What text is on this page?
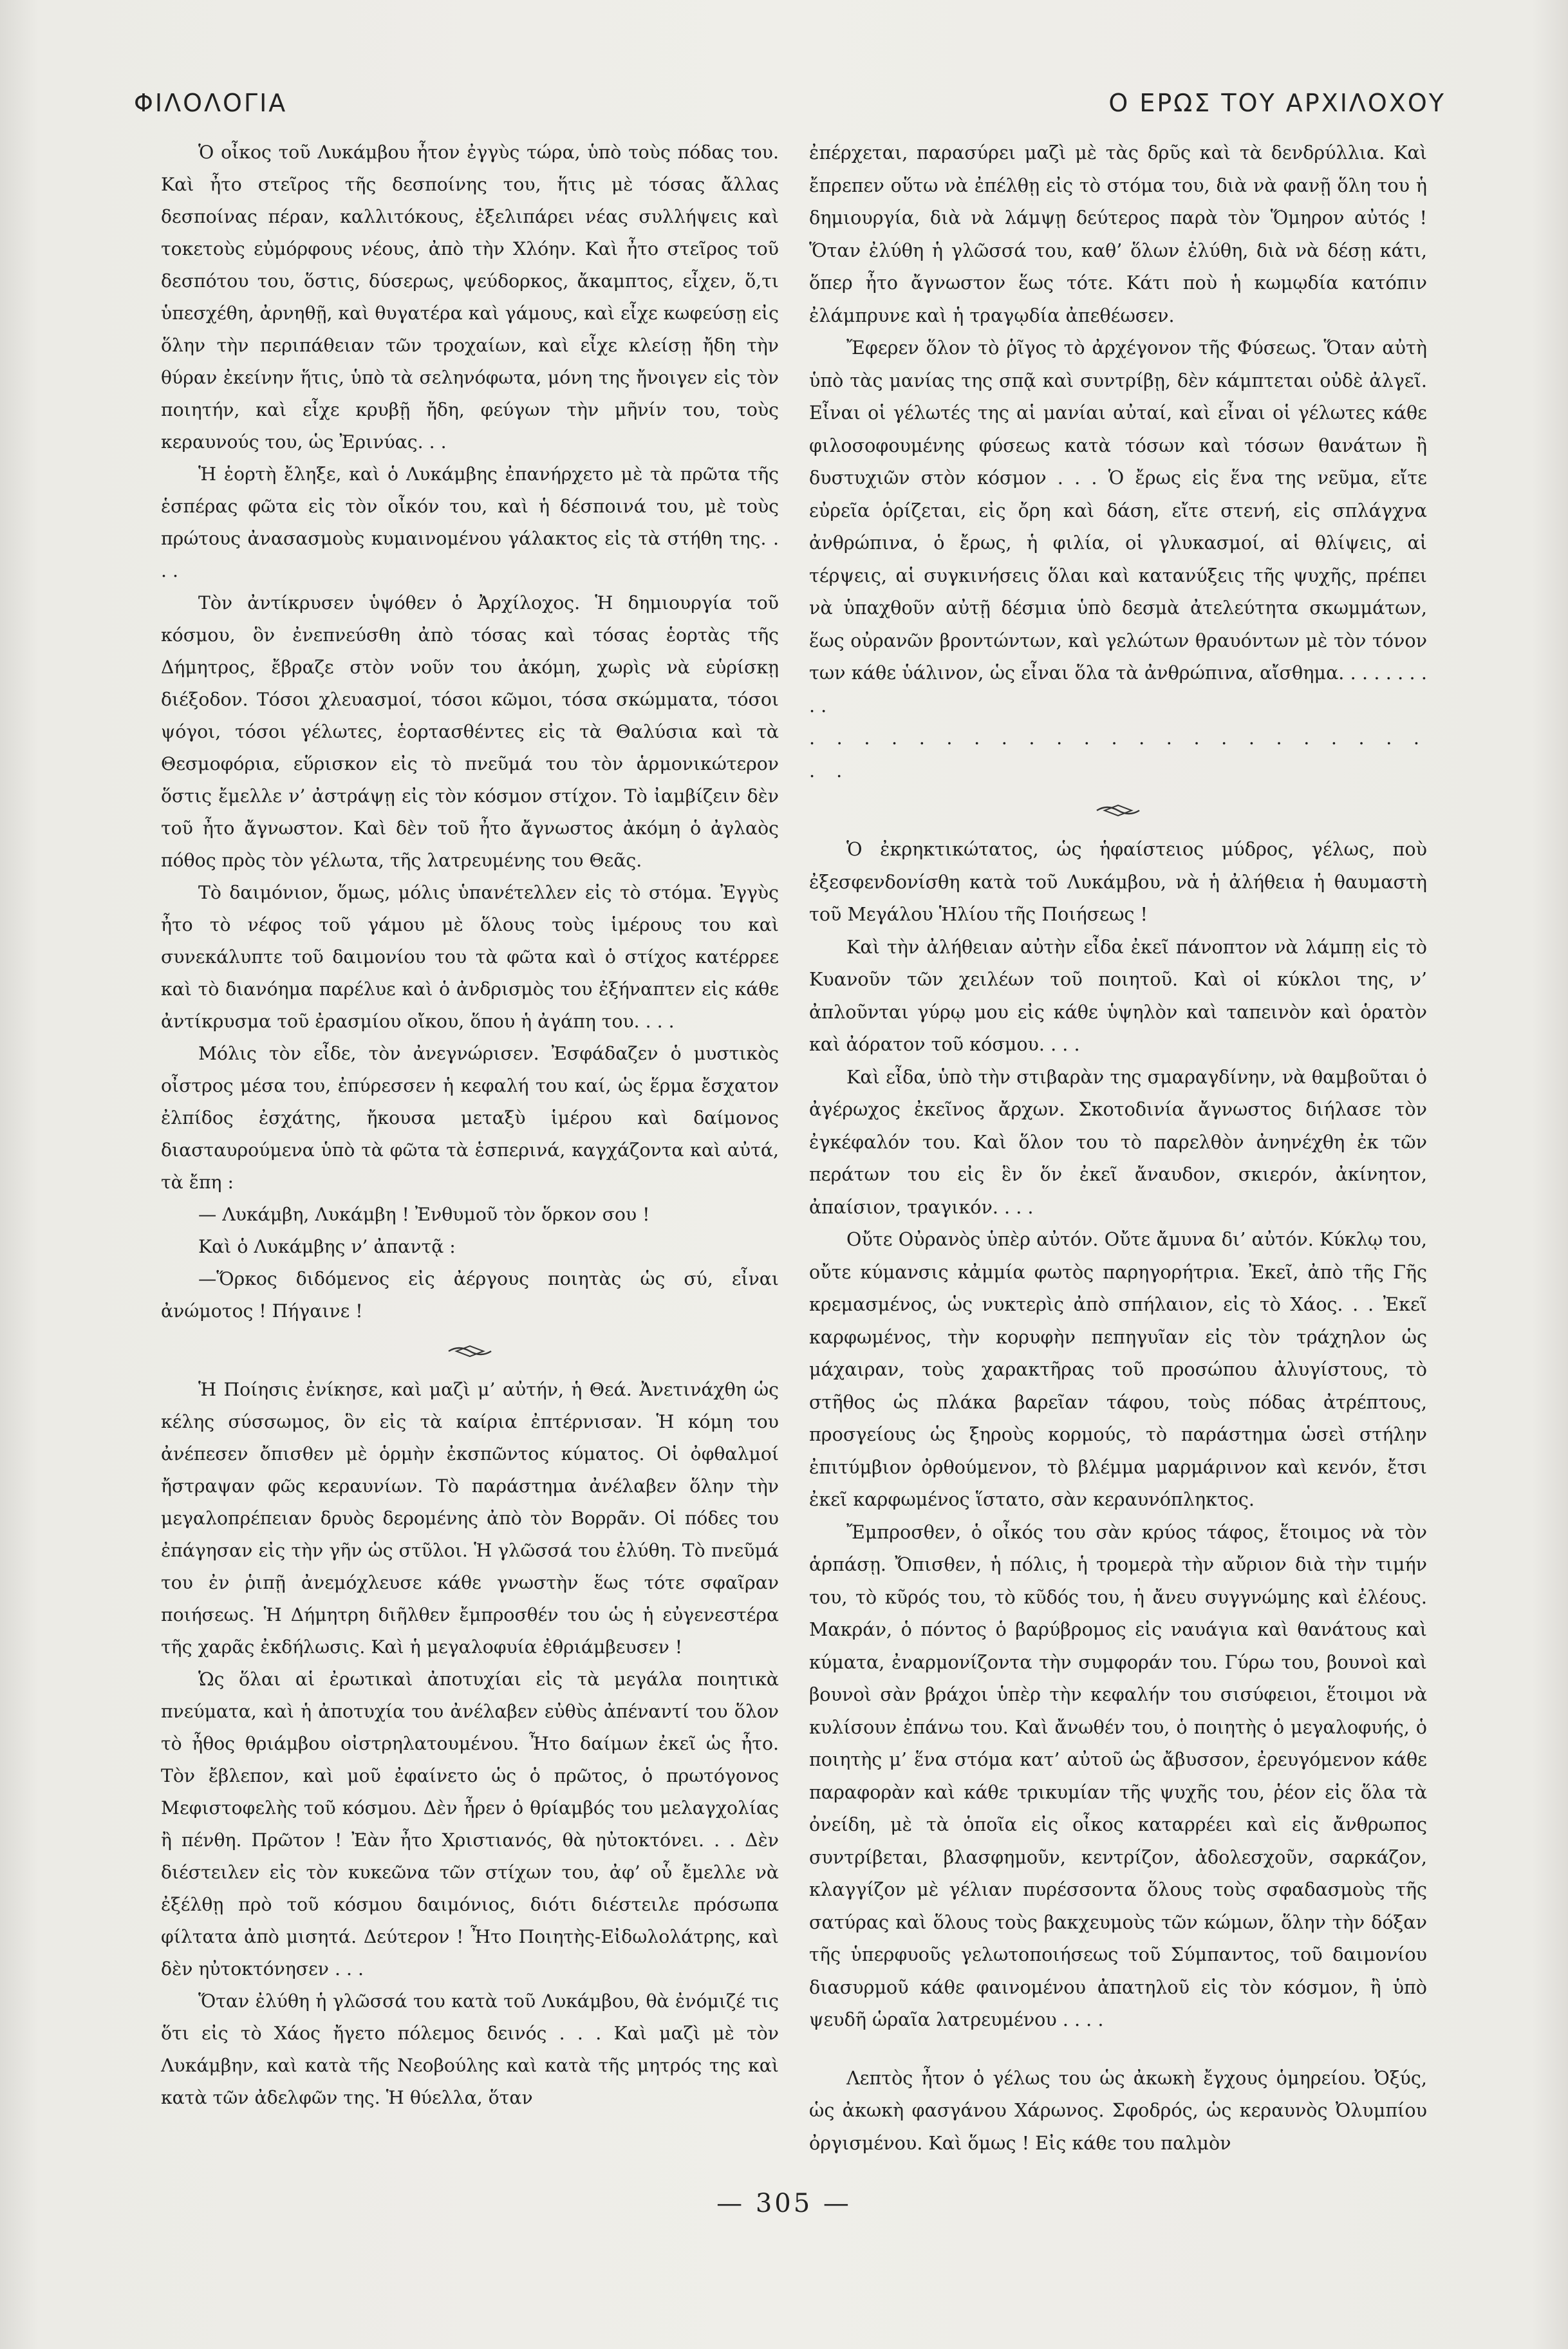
ΦΙΛΟΛΟΓΙΑ	Ο ΕΡΩΣ ΤΟΥ ΑΡΧΙΛΟΧΟΥ

Ὁ οἶκος τοῦ Λυκάμβου ἦτον ἐγγὺς τώρα, ὑπὸ τοὺς πόδας του. Καὶ ἦτο στεῖρος τῆς δεσποίνης του, ἥτις μὲ τόσας ἄλλας δεσποίνας πέραν, καλλιτόκους, ἐξελιπάρει νέας συλλήψεις καὶ τοκετοὺς εὐμόρφους νέους, ἀπὸ τὴν Χλόην. Καὶ ἦτο στεῖρος τοῦ δεσπότου του, ὅστις, δύσερως, ψεύδορκος, ἄκαμπτος, εἶχεν, ὅ,τι ὑπεσχέθη, ἀρνηθῇ, καὶ θυγατέρα καὶ γάμους, καὶ εἶχε κωφεύσῃ εἰς ὅλην τὴν περιπάθειαν τῶν τροχαίων, καὶ εἶχε κλείσῃ ἤδη τὴν θύραν ἐκείνην ἥτις, ὑπὸ τὰ σεληνόφωτα, μόνη της ἤνοιγεν εἰς τὸν ποιητήν, καὶ εἶχε κρυβῇ ἤδη, φεύγων τὴν μῆνίν του, τοὺς κεραυνούς του, ὡς Ἐρινύας. . .

Ἡ ἑορτὴ ἔληξε, καὶ ὁ Λυκάμβης ἐπανήρχετο μὲ τὰ πρῶτα τῆς ἑσπέρας φῶτα εἰς τὸν οἶκόν του, καὶ ἡ δέσποινά του, μὲ τοὺς πρώτους ἀνασασμοὺς κυμαινομένου γάλακτος εἰς τὰ στήθη της. . . .

Τὸν ἀντίκρυσεν ὑψόθεν ὁ Ἀρχίλοχος. Ἡ δημιουργία τοῦ κόσμου, ὃν ἐνεπνεύσθη ἀπὸ τόσας καὶ τόσας ἑορτὰς τῆς Δήμητρος, ἔβραζε στὸν νοῦν του ἀκόμη, χωρὶς νὰ εὑρίσκῃ διέξοδον. Τόσοι χλευασμοί, τόσοι κῶμοι, τόσα σκώμματα, τόσοι ψόγοι, τόσοι γέλωτες, ἑορτασθέντες εἰς τὰ Θαλύσια καὶ τὰ Θεσμοφόρια, εὕρισκον εἰς τὸ πνεῦμά του τὸν ἁρμονικώτερον ὅστις ἔμελλε ν’ ἀστράψῃ εἰς τὸν κόσμον στίχον. Τὸ ἰαμβίζειν δὲν τοῦ ἦτο ἄγνωστον. Καὶ δὲν τοῦ ἦτο ἄγνωστος ἀκόμη ὁ ἀγλαὸς πόθος πρὸς τὸν γέλωτα, τῆς λατρευμένης του Θεᾶς.

Τὸ δαιμόνιον, ὅμως, μόλις ὑπανέτελλεν εἰς τὸ στόμα. Ἐγγὺς ἦτο τὸ νέφος τοῦ γάμου μὲ ὅλους τοὺς ἱμέρους του καὶ συνεκάλυπτε τοῦ δαιμονίου του τὰ φῶτα καὶ ὁ στίχος κατέρρεε καὶ τὸ διανόημα παρέλυε καὶ ὁ ἀνδρισμὸς του ἐξήναπτεν εἰς κάθε ἀντίκρυσμα τοῦ ἐρασμίου οἴκου, ὅπου ἡ ἀγάπη του. . . .

Μόλις τὸν εἶδε, τὸν ἀνεγνώρισεν. Ἐσφάδαζεν ὁ μυστικὸς οἶστρος μέσα του, ἐπύρεσσεν ἡ κεφαλή του καί, ὡς ἕρμα ἔσχατον ἐλπίδος ἐσχάτης, ἤκουσα μεταξὺ ἱμέρου καὶ δαίμονος διασταυρούμενα ὑπὸ τὰ φῶτα τὰ ἑσπερινά, καγχάζοντα καὶ αὐτά, τὰ ἔπη :

— Λυκάμβη, Λυκάμβη ! Ἐνθυμοῦ τὸν ὅρκον σου !

Καὶ ὁ Λυκάμβης ν’ ἀπαντᾷ :

—Ὅρκος διδόμενος εἰς ἀέργους ποιητὰς ὡς σύ, εἶναι ἀνώμοτος ! Πήγαινε !

Ἡ Ποίησις ἐνίκησε, καὶ μαζὶ μ’ αὐτήν, ἡ Θεά. Ἀνετινάχθη ὡς κέλης σύσσωμος, ὃν εἰς τὰ καίρια ἐπτέρνισαν. Ἡ κόμη του ἀνέπεσεν ὄπισθεν μὲ ὁρμὴν ἐκσπῶντος κύματος. Οἱ ὀφθαλμοί ἤστραψαν φῶς κεραυνίων. Τὸ παράστημα ἀνέλαβεν ὅλην τὴν μεγαλοπρέπειαν δρυὸς δερομένης ἀπὸ τὸν Βορρᾶν. Οἱ πόδες του ἐπάγησαν εἰς τὴν γῆν ὡς στῦλοι. Ἡ γλῶσσά του ἐλύθη. Τὸ πνεῦμά του ἐν ῥιπῇ ἀνεμόχλευσε κάθε γνωστὴν ἕως τότε σφαῖραν ποιήσεως. Ἡ Δήμητρη διῆλθεν ἔμπροσθέν του ὡς ἡ εὐγενεστέρα τῆς χαρᾶς ἐκδήλωσις. Καὶ ἡ μεγαλοφυία ἐθριάμβευσεν !

Ὡς ὅλαι αἱ ἐρωτικαὶ ἀποτυχίαι εἰς τὰ μεγάλα ποιητικὰ πνεύματα, καὶ ἡ ἀποτυχία του ἀνέλαβεν εὐθὺς ἀπέναντί του ὅλον τὸ ἦθος θριάμβου οἰστρηλατουμένου. Ἦτο δαίμων ἐκεῖ ὡς ἦτο. Τὸν ἔβλεπον, καὶ μοῦ ἐφαίνετο ὡς ὁ πρῶτος, ὁ πρωτόγονος Μεφιστοφελὴς τοῦ κόσμου. Δὲν ἦρεν ὁ θρίαμβός του μελαγχολίας ἢ πένθη. Πρῶτον ! Ἐὰν ἦτο Χριστιανός, θὰ ηὐτοκτόνει. . . Δὲν διέστειλεν εἰς τὸν κυκεῶνα τῶν στίχων του, ἀφ’ οὗ ἔμελλε νὰ ἐξέλθῃ πρὸ τοῦ κόσμου δαιμόνιος, διότι διέστειλε πρόσωπα φίλτατα ἀπὸ μισητά. Δεύτερον ! Ἦτο Ποιητὴς-Εἰδωλολάτρης, καὶ δὲν ηὐτοκτόνησεν . . .

Ὅταν ἐλύθη ἡ γλῶσσά του κατὰ τοῦ Λυκάμβου, θὰ ἐνόμιζέ τις ὅτι εἰς τὸ Χάος ἤγετο πόλεμος δεινός . . . Καὶ μαζὶ μὲ τὸν Λυκάμβην, καὶ κατὰ τῆς Νεοβούλης καὶ κατὰ τῆς μητρός της καὶ κατὰ τῶν ἀδελφῶν της. Ἡ θύελλα, ὅταν

ἐπέρχεται, παρασύρει μαζὶ μὲ τὰς δρῦς καὶ τὰ δενδρύλλια. Καὶ ἔπρεπεν οὕτω νὰ ἐπέλθῃ εἰς τὸ στόμα του, διὰ νὰ φανῇ ὅλη του ἡ δημιουργία, διὰ νὰ λάμψῃ δεύτερος παρὰ τὸν Ὅμηρον αὐτός ! Ὅταν ἐλύθη ἡ γλῶσσά του, καθ’ ὅλων ἐλύθη, διὰ νὰ δέσῃ κάτι, ὅπερ ἦτο ἄγνωστον ἕως τότε. Κάτι ποὺ ἡ κωμῳδία κατόπιν ἐλάμπρυνε καὶ ἡ τραγῳδία ἀπεθέωσεν.

Ἔφερεν ὅλον τὸ ῥῖγος τὸ ἀρχέγονον τῆς Φύσεως. Ὅταν αὐτὴ ὑπὸ τὰς μανίας της σπᾷ καὶ συντρίβῃ, δὲν κάμπτεται οὐδὲ ἀλγεῖ. Εἶναι οἱ γέλωτές της αἱ μανίαι αὐταί, καὶ εἶναι οἱ γέλωτες κάθε φιλοσοφουμένης φύσεως κατὰ τόσων καὶ τόσων θανάτων ἢ δυστυχιῶν στὸν κόσμον . . . Ὁ ἔρως εἰς ἕνα της νεῦμα, εἴτε εὐρεῖα ὁρίζεται, εἰς ὄρη καὶ δάση, εἴτε στενή, εἰς σπλάγχνα ἀνθρώπινα, ὁ ἔρως, ἡ φιλία, οἱ γλυκασμοί, αἱ θλίψεις, αἱ τέρψεις, αἱ συγκινήσεις ὅλαι καὶ κατανύξεις τῆς ψυχῆς, πρέπει νὰ ὑπαχθοῦν αὐτῇ δέσμια ὑπὸ δεσμὰ ἀτελεύτητα σκωμμάτων, ἕως οὐρανῶν βροντώντων, καὶ γελώτων θραυόντων μὲ τὸν τόνον των κάθε ὑάλινον, ὡς εἶναι ὅλα τὰ ἀνθρώπινα, αἴσθημα. . . . . . . . . .

. . . . . . . . . . . . . . . . . . . . . . . . .

Ὁ ἐκρηκτικώτατος, ὡς ἡφαίστειος μύδρος, γέλως, ποὺ ἐξεσφενδονίσθη κατὰ τοῦ Λυκάμβου, νὰ ἡ ἀλήθεια ἡ θαυμαστὴ τοῦ Μεγάλου Ἡλίου τῆς Ποιήσεως !

Καὶ τὴν ἀλήθειαν αὐτὴν εἶδα ἐκεῖ πάνοπτον νὰ λάμπῃ εἰς τὸ Κυανοῦν τῶν χειλέων τοῦ ποιητοῦ. Καὶ οἱ κύκλοι της, ν’ ἀπλοῦνται γύρῳ μου εἰς κάθε ὑψηλὸν καὶ ταπεινὸν καὶ ὁρατὸν καὶ ἀόρατον τοῦ κόσμου. . . .

Καὶ εἶδα, ὑπὸ τὴν στιβαρὰν της σμαραγδίνην, νὰ θαμβοῦται ὁ ἀγέρωχος ἐκεῖνος ἄρχων. Σκοτοδινία ἄγνωστος διήλασε τὸν ἐγκέφαλόν του. Καὶ ὅλον του τὸ παρελθὸν ἀνηνέχθη ἐκ τῶν περάτων του εἰς ἓν ὅν ἐκεῖ ἄναυδον, σκιερόν, ἀκίνητον, ἀπαίσιον, τραγικόν. . . .

Οὔτε Οὐρανὸς ὑπὲρ αὐτόν. Οὔτε ἄμυνα δι’ αὐτόν. Κύκλῳ του, οὔτε κύμανσις κἀμμία φωτὸς παρηγορήτρια. Ἐκεῖ, ἀπὸ τῆς Γῆς κρεμασμένος, ὡς νυκτερὶς ἀπὸ σπήλαιον, εἰς τὸ Χάος. . . Ἐκεῖ καρφωμένος, τὴν κορυφὴν πεπηγυῖαν εἰς τὸν τράχηλον ὡς μάχαιραν, τοὺς χαρακτῆρας τοῦ προσώπου ἀλυγίστους, τὸ στῆθος ὡς πλάκα βαρεῖαν τάφου, τοὺς πόδας ἀτρέπτους, προσγείους ὡς ξηροὺς κορμούς, τὸ παράστημα ὡσεὶ στήλην ἐπιτύμβιον ὀρθούμενον, τὸ βλέμμα μαρμάρινον καὶ κενόν, ἔτσι ἐκεῖ καρφωμένος ἵστατο, σὰν κεραυνόπληκτος.

Ἔμπροσθεν, ὁ οἶκός του σὰν κρύος τάφος, ἕτοιμος νὰ τὸν ἁρπάσῃ. Ὄπισθεν, ἡ πόλις, ἡ τρομερὰ τὴν αὔριον διὰ τὴν τιμήν του, τὸ κῦρός του, τὸ κῦδός του, ἡ ἄνευ συγγνώμης καὶ ἐλέους. Μακράν, ὁ πόντος ὁ βαρύβρομος εἰς ναυάγια καὶ θανάτους καὶ κύματα, ἐναρμονίζοντα τὴν συμφοράν του. Γύρω του, βουνοὶ καὶ βουνοὶ σὰν βράχοι ὑπὲρ τὴν κεφαλήν του σισύφειοι, ἕτοιμοι νὰ κυλίσουν ἐπάνω του. Καὶ ἄνωθέν του, ὁ ποιητὴς ὁ μεγαλοφυής, ὁ ποιητὴς μ’ ἕνα στόμα κατ’ αὐτοῦ ὡς ἄβυσσον, ἐρευγόμενον κάθε παραφορὰν καὶ κάθε τρικυμίαν τῆς ψυχῆς του, ῥέον εἰς ὅλα τὰ ὀνείδη, μὲ τὰ ὁποῖα εἰς οἶκος καταρρέει καὶ εἰς ἄνθρωπος συντρίβεται, βλασφημοῦν, κεντρίζον, ἀδολεσχοῦν, σαρκάζον, κλαγγίζον μὲ γέλιαν πυρέσσοντα ὅλους τοὺς σφαδασμοὺς τῆς σατύρας καὶ ὅλους τοὺς βακχευμοὺς τῶν κώμων, ὅλην τὴν δόξαν τῆς ὑπερφυοῦς γελωτοποιήσεως τοῦ Σύμπαντος, τοῦ δαιμονίου διασυρμοῦ κάθε φαινομένου ἀπατηλοῦ εἰς τὸν κόσμον, ἢ ὑπὸ ψευδῆ ὡραῖα λατρευμένου . . . .

Λεπτὸς ἦτον ὁ γέλως του ὡς ἀκωκὴ ἔγχους ὁμηρείου. Ὀξύς, ὡς ἀκωκὴ φασγάνου Χάρωνος. Σφοδρός, ὡς κεραυνὸς Ὀλυμπίου ὀργισμένου. Καὶ ὅμως ! Εἰς κάθε του παλμὸν

— 305 —
